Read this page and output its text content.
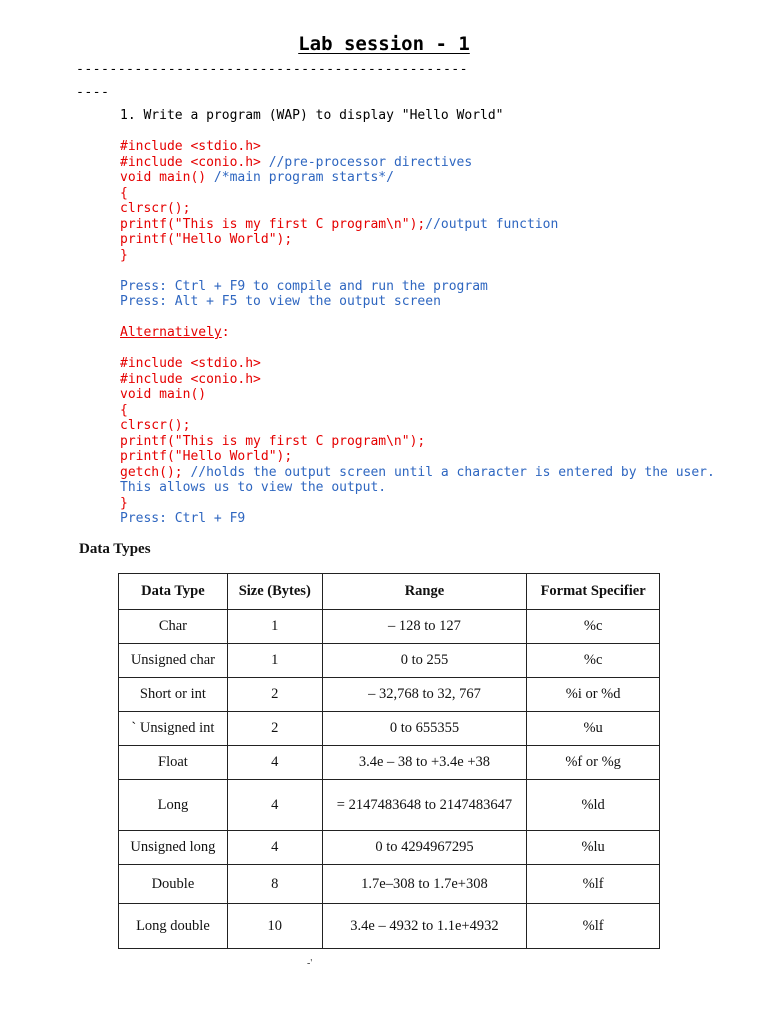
Lab session - 1
-----------------------------------------------
----
1. Write a program (WAP) to display "Hello World"
#include <stdio.h>
#include <conio.h> //pre-processor directives
void main() /*main program starts*/
{
clrscr();
printf("This is my first C program\n");//output function
printf("Hello World");
}
Press: Ctrl + F9 to compile and run the program
Press: Alt + F5 to view the output screen
Alternatively:
#include <stdio.h>
#include <conio.h>
void main()
{
clrscr();
printf("This is my first C program\n");
printf("Hello World");
getch(); //holds the output screen until a character is entered by the user. This allows us to view the output.
}
Press: Ctrl + F9
Data Types
Data Type	Size (Bytes)	Range	Format Specifier
Char	1	– 128 to 127	%c
Unsigned char	1	0 to 255	%c
Short or int	2	– 32,768 to 32, 767	%i or %d
` Unsigned int	2	0 to 655355	%u
Float	4	3.4e – 38 to +3.4e +38	%f or %g
Long	4	= 2147483648 to 2147483647	%ld
Unsigned long	4	0 to 4294967295	%lu
Double	8	1.7e–308 to 1.7e+308	%lf
Long double	10	3.4e – 4932 to 1.1e+4932	%lf
-'
